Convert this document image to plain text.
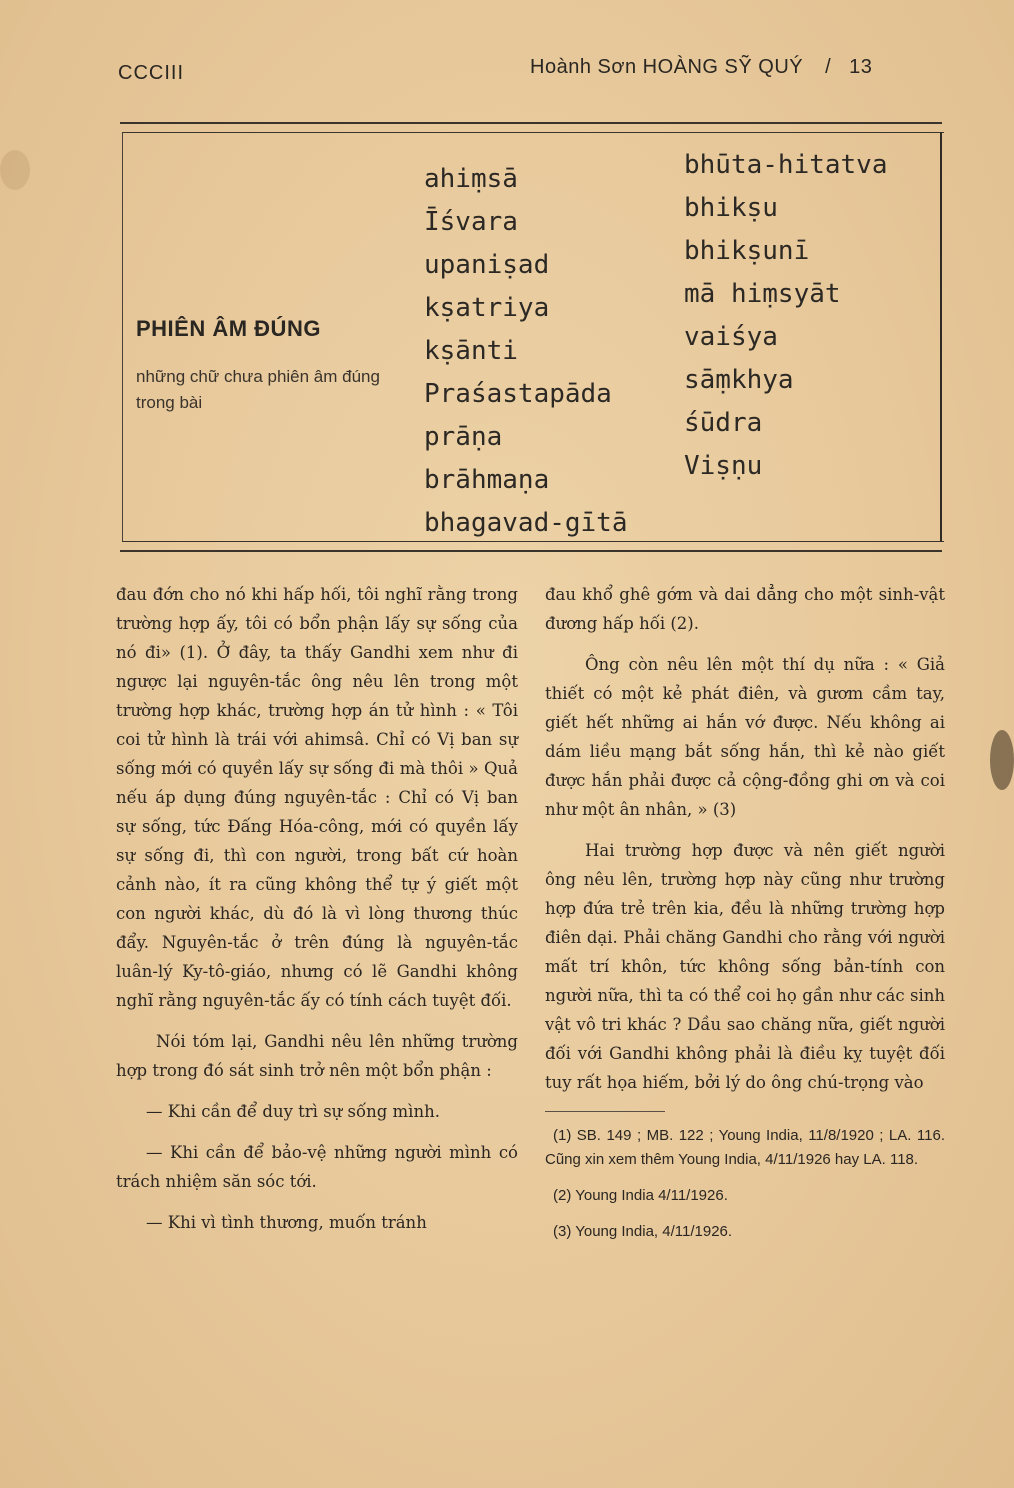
CCCIII	Hoành Sơn HOÀNG SỸ QUÝ / 13
PHIÊN ÂM ĐÚNG
những chữ chưa phiên âm đúng trong bài
ahiṃsā
Īśvara
upaniṣad
kṣatriya
kṣānti
Praśastapāda
prāṇa
brāhmaṇa
bhagavad-gītā
bhūta-hitatva
bhikṣu
bhikṣunī
mā hiṃsyāt
vaiśya
sāṃkhya
śūdra
Viṣṇu

đau đớn cho nó khi hấp hối, tôi nghĩ rằng trong trường hợp ấy, tôi có bổn phận lấy sự sống của nó đi» (1). Ở đây, ta thấy Gandhi xem như đi ngược lại nguyên-tắc ông nêu lên trong một trường hợp khác, trường hợp án tử hình : « Tôi coi tử hình là trái với ahimsâ. Chỉ có Vị ban sự sống mới có quyền lấy sự sống đi mà thôi » Quả nếu áp dụng đúng nguyên-tắc : Chỉ có Vị ban sự sống, tức Đấng Hóa-công, mới có quyền lấy sự sống đi, thì con người, trong bất cứ hoàn cảnh nào, ít ra cũng không thể tự ý giết một con người khác, dù đó là vì lòng thương thúc đẩy. Nguyên-tắc ở trên đúng là nguyên-tắc luân-lý Ky-tô-giáo, nhưng có lẽ Gandhi không nghĩ rằng nguyên-tắc ấy có tính cách tuyệt đối.

Nói tóm lại, Gandhi nêu lên những trường hợp trong đó sát sinh trở nên một bổn phận :

— Khi cần để duy trì sự sống mình.

— Khi cần để bảo-vệ những người mình có trách nhiệm săn sóc tới.

— Khi vì tình thương, muốn tránh

đau khổ ghê gớm và dai dẳng cho một sinh-vật đương hấp hối (2).

Ông còn nêu lên một thí dụ nữa : « Giả thiết có một kẻ phát điên, và gươm cầm tay, giết hết những ai hắn vớ được. Nếu không ai dám liều mạng bắt sống hắn, thì kẻ nào giết được hắn phải được cả cộng-đồng ghi ơn và coi như một ân nhân, » (3)

Hai trường hợp được và nên giết người ông nêu lên, trường hợp này cũng như trường hợp đứa trẻ trên kia, đều là những trường hợp điên dại. Phải chăng Gandhi cho rằng với người mất trí khôn, tức không sống bản-tính con người nữa, thì ta có thể coi họ gần như các sinh vật vô tri khác ? Dầu sao chăng nữa, giết người đối với Gandhi không phải là điều kỵ tuyệt đối tuy rất họa hiếm, bởi lý do ông chú-trọng vào

(1) SB. 149 ; MB. 122 ; Young India, 11/8/1920 ; LA. 116. Cũng xin xem thêm Young India, 4/11/1926 hay LA. 118.

(2) Young India 4/11/1926.

(3) Young India, 4/11/1926.
